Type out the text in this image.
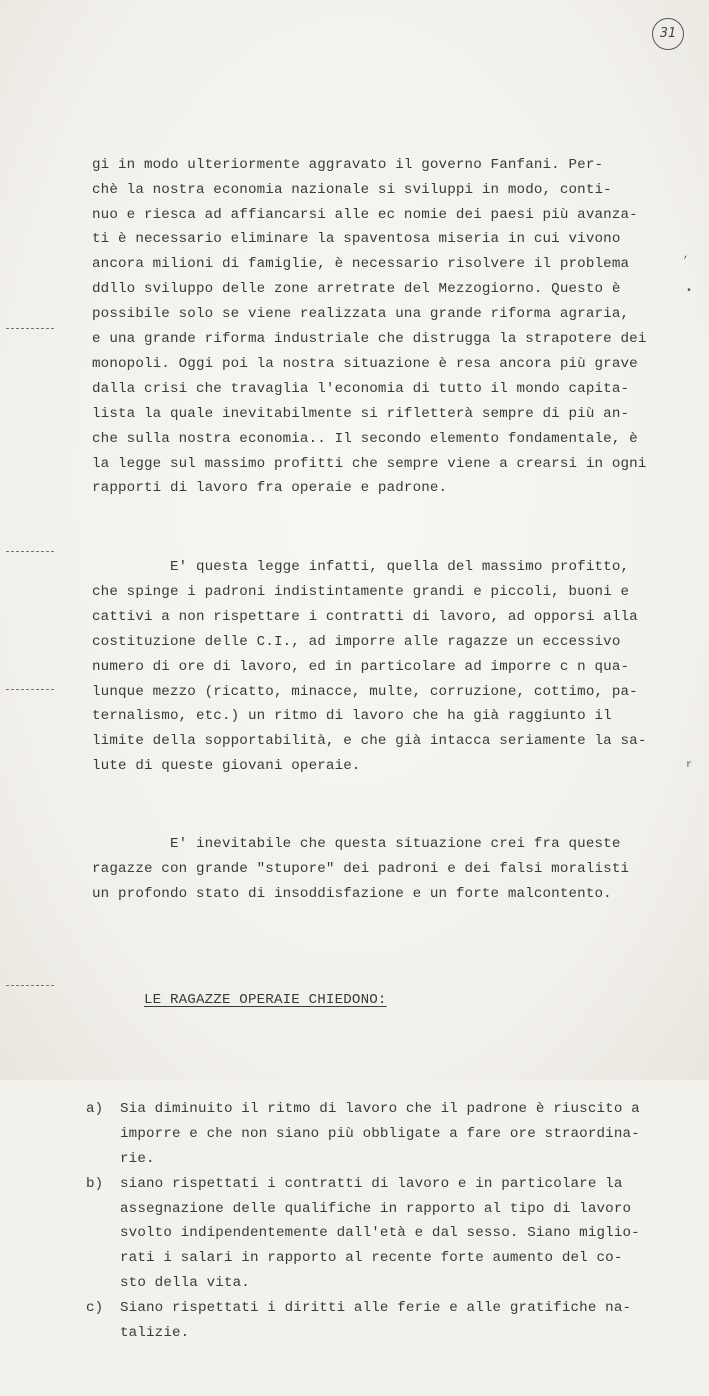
31
,
•
r

gi in modo ulteriormente aggravato il governo Fanfani. Per-
chè la nostra economia nazionale si sviluppi in modo, conti-
nuo e riesca ad affiancarsi alle ec nomie dei paesi più avanza-
ti è necessario eliminare la spaventosa miseria in cui vivono
ancora milioni di famiglie, è necessario risolvere il problema
ddllo sviluppo delle zone arretrate del Mezzogiorno. Questo è
possibile solo se viene realizzata una grande riforma agraria,
e una grande riforma industriale che distrugga la strapotere dei
monopoli. Oggi poi la nostra situazione è resa ancora più grave
dalla crisi che travaglia l'economia di tutto il mondo capita-
lista la quale inevitabilmente si rifletterà sempre di più an-
che sulla nostra economia.. Il secondo elemento fondamentale, è
la legge sul massimo profitti che sempre viene a crearsi in ogni
rapporti di lavoro fra operaie e padrone.

E' questa legge infatti, quella del massimo profitto,
che spinge i padroni indistintamente grandi e piccoli, buoni e
cattivi a non rispettare i contratti di lavoro, ad opporsi alla
costituzione delle C.I., ad imporre alle ragazze un eccessivo
numero di ore di lavoro, ed in particolare ad imporre c n qua-
lunque mezzo (ricatto, minacce, multe, corruzione, cottimo, pa-
ternalismo, etc.) un ritmo di lavoro che ha già raggiunto il
limite della sopportabilità, e che già intacca seriamente la sa-
lute di queste giovani operaie.

E' inevitabile che questa situazione crei fra queste
ragazze con grande "stupore" dei padroni e dei falsi moralisti
un profondo stato di insoddisfazione e un forte malcontento.

LE RAGAZZE OPERAIE CHIEDONO:

a) Sia diminuito il ritmo di lavoro che il padrone è riuscito a
imporre e che non siano più obbligate a fare ore straordina-
rie.
b) siano rispettati i contratti di lavoro e in particolare la
assegnazione delle qualifiche in rapporto al tipo di lavoro
svolto indipendentemente dall'età e dal sesso. Siano miglio-
rati i salari in rapporto al recente forte aumento del co-
sto della vita.
c) Siano rispettati i diritti alle ferie e alle gratifiche na-
talizie.
